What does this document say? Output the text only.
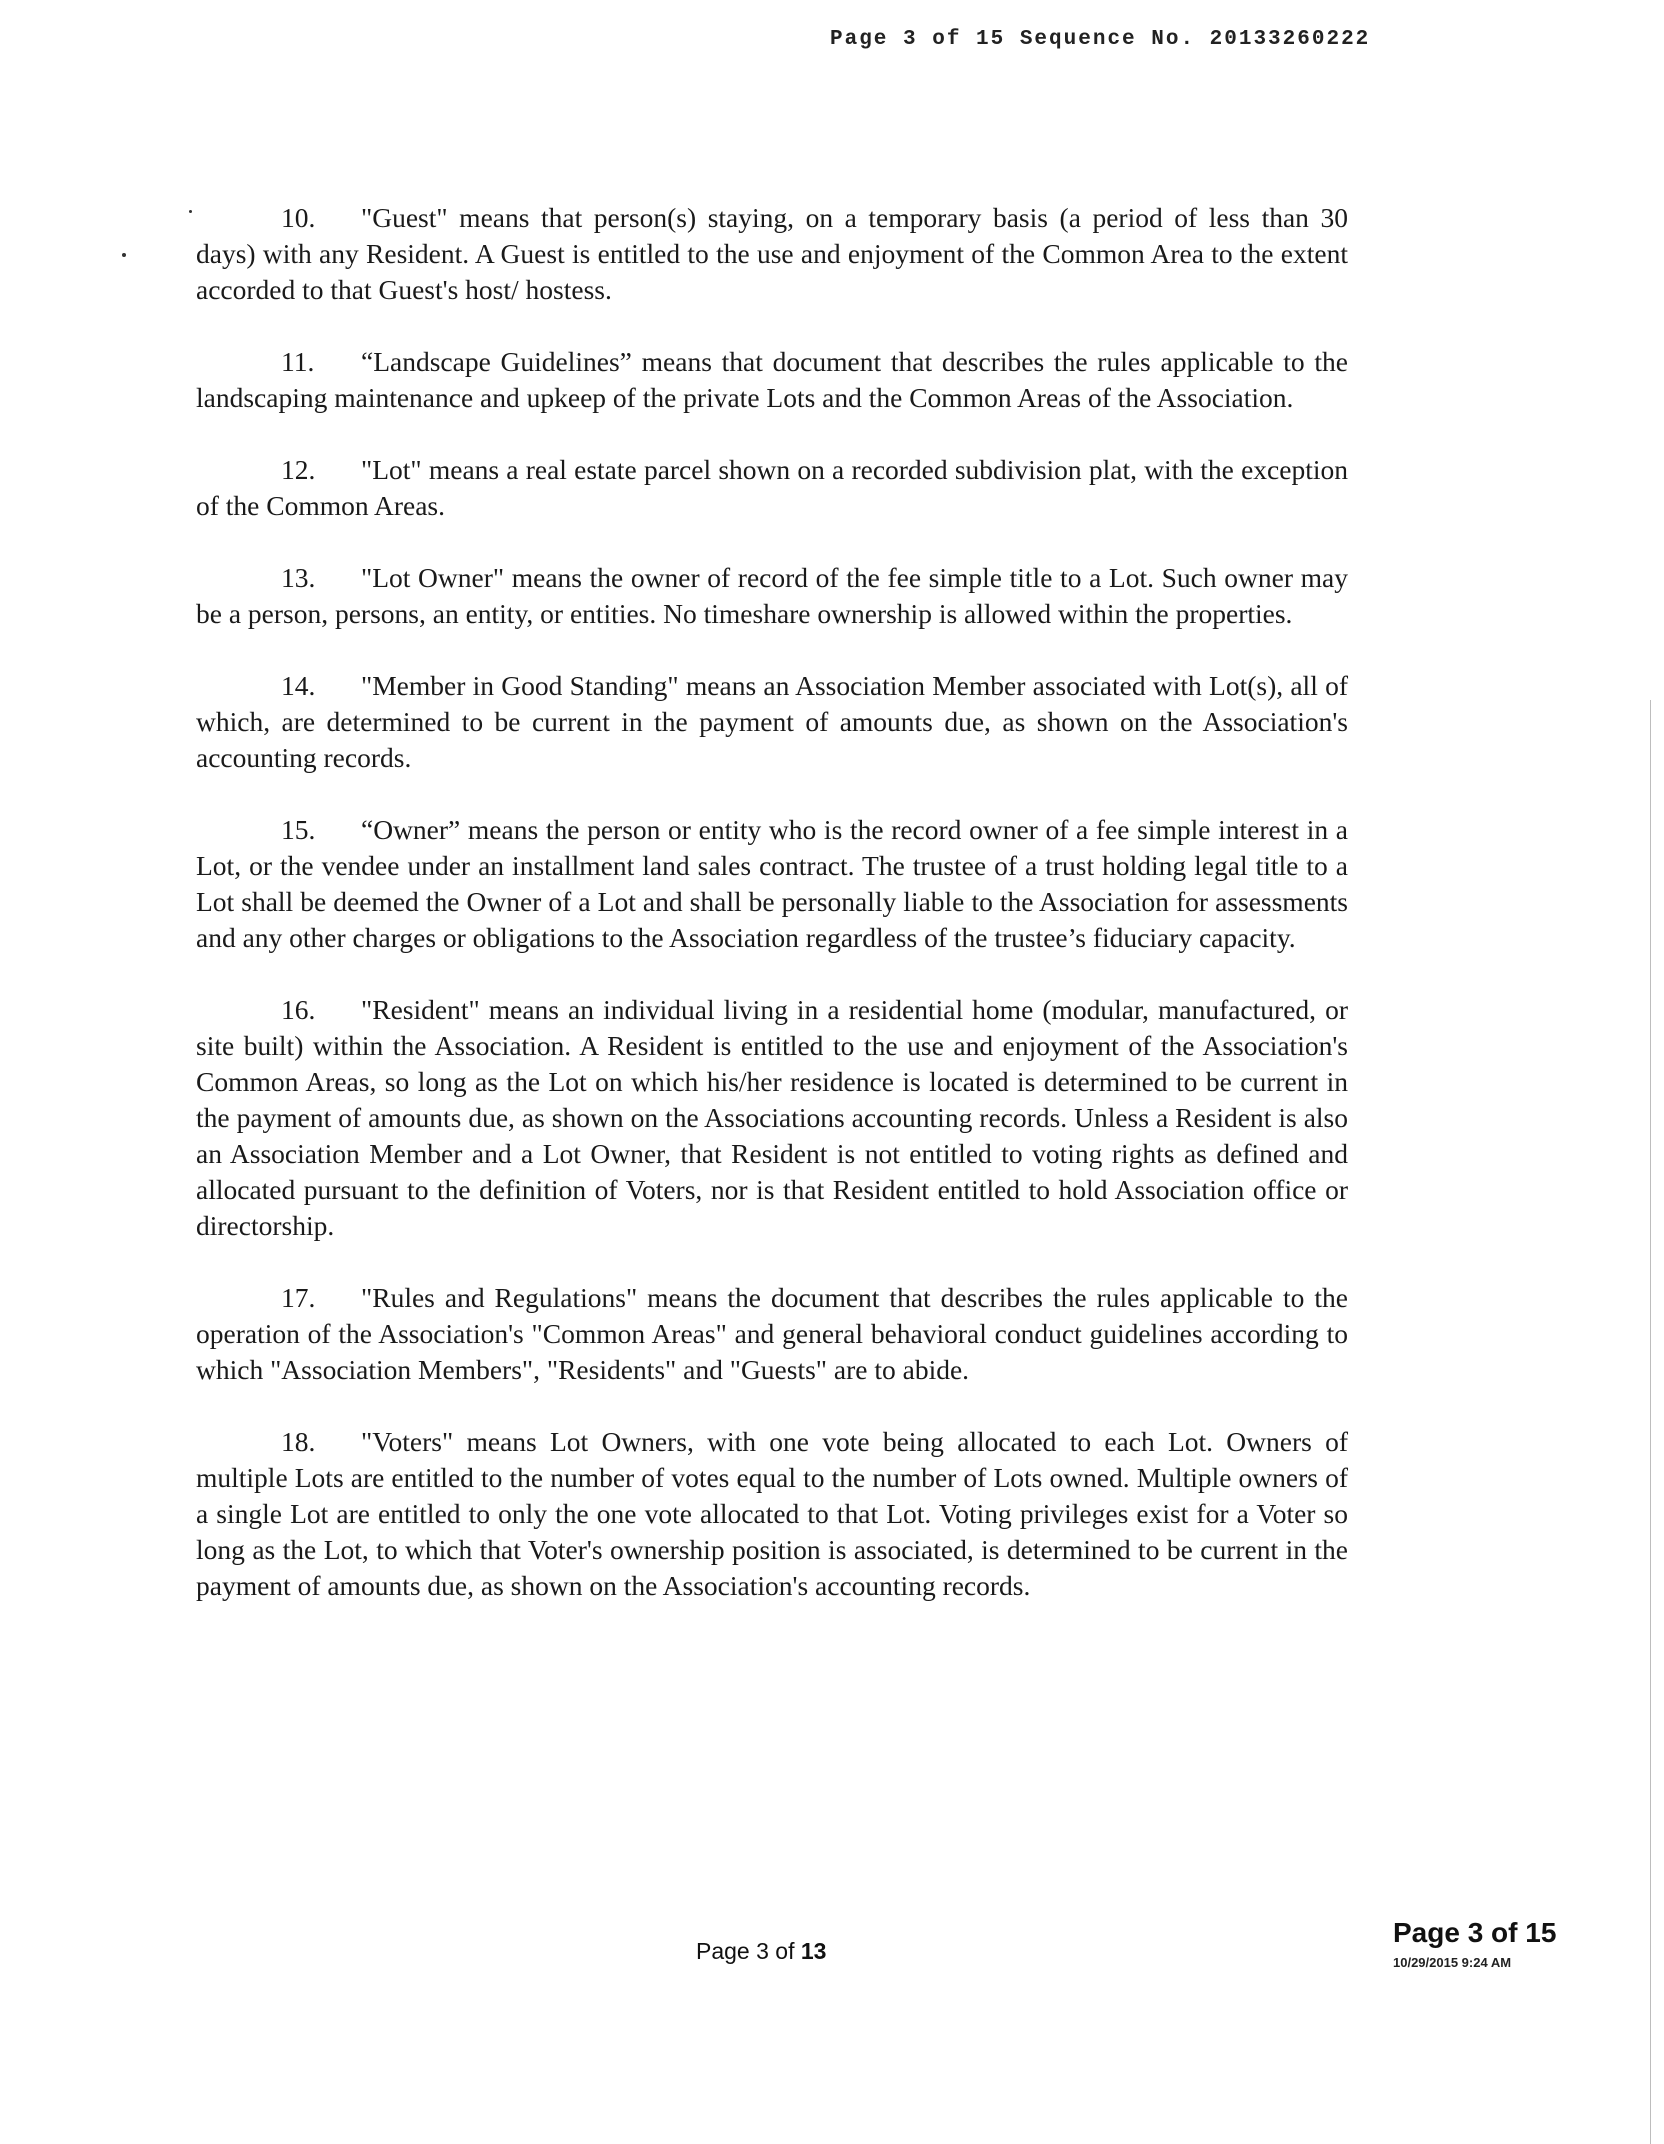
Page 3 of 15 Sequence No. 20133260222

10. "Guest" means that person(s) staying, on a temporary basis (a period of less than 30 days) with any Resident. A Guest is entitled to the use and enjoyment of the Common Area to the extent accorded to that Guest's host/ hostess.

11. “Landscape Guidelines” means that document that describes the rules applicable to the landscaping maintenance and upkeep of the private Lots and the Common Areas of the Association.

12. "Lot" means a real estate parcel shown on a recorded subdivision plat, with the exception of the Common Areas.

13. "Lot Owner" means the owner of record of the fee simple title to a Lot. Such owner may be a person, persons, an entity, or entities. No timeshare ownership is allowed within the properties.

14. "Member in Good Standing" means an Association Member associated with Lot(s), all of which, are determined to be current in the payment of amounts due, as shown on the Association's accounting records.

15. “Owner” means the person or entity who is the record owner of a fee simple interest in a Lot, or the vendee under an installment land sales contract. The trustee of a trust holding legal title to a Lot shall be deemed the Owner of a Lot and shall be personally liable to the Association for assessments and any other charges or obligations to the Association regardless of the trustee’s fiduciary capacity.

16. "Resident" means an individual living in a residential home (modular, manufactured, or site built) within the Association. A Resident is entitled to the use and enjoyment of the Association's Common Areas, so long as the Lot on which his/her residence is located is determined to be current in the payment of amounts due, as shown on the Associations accounting records. Unless a Resident is also an Association Member and a Lot Owner, that Resident is not entitled to voting rights as defined and allocated pursuant to the definition of Voters, nor is that Resident entitled to hold Association office or directorship.

17. "Rules and Regulations" means the document that describes the rules applicable to the operation of the Association's "Common Areas" and general behavioral conduct guidelines according to which "Association Members", "Residents" and "Guests" are to abide.

18. "Voters" means Lot Owners, with one vote being allocated to each Lot. Owners of multiple Lots are entitled to the number of votes equal to the number of Lots owned. Multiple owners of a single Lot are entitled to only the one vote allocated to that Lot. Voting privileges exist for a Voter so long as the Lot, to which that Voter's ownership position is associated, is determined to be current in the payment of amounts due, as shown on the Association's accounting records.

Page 3 of 13
Page 3 of 15
10/29/2015 9:24 AM
